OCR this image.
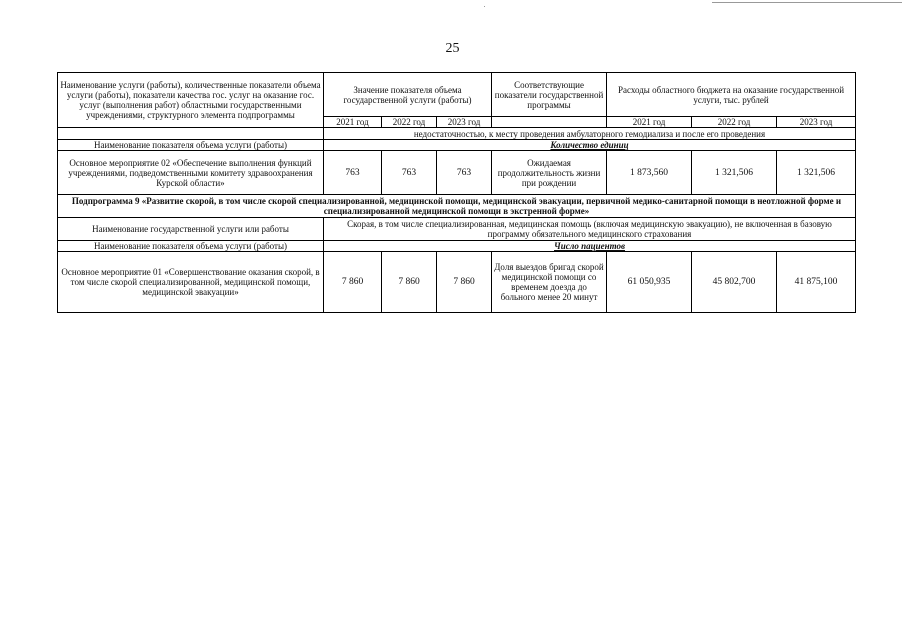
25
Наименование услуги (работы), количественные показатели объема услуги (работы), показатели качества гос. услуг на оказание гос. услуг (выполнения работ) областными государственными учреждениями, структурного элемента подпрограммы	Значение показателя объема государственной услуги (работы)			Соответствующие показатели государственной программы	Расходы областного бюджета на оказание государственной услуги, тыс. рублей		
	2021 год	2022 год	2023 год		2021 год	2022 год	2023 год
	недостаточностью, к месту проведения амбулаторного гемодиализа и после его проведения						
Наименование показателя объема услуги (работы)	Количество единиц						
Основное мероприятие 02 «Обеспечение выполнения функций учреждениями, подведомственными комитету здравоохранения Курской области»	763	763	763	Ожидаемая продолжительность жизни при рождении	1 873,560	1 321,506	1 321,506
Подпрограмма 9 «Развитие скорой, в том числе скорой специализированной, медицинской помощи, медицинской эвакуации, первичной медико-санитарной помощи в неотложной форме и специализированной медицинской помощи в экстренной форме»							
Наименование государственной услуги или работы	Скорая, в том числе специализированная, медицинская помощь (включая медицинскую эвакуацию), не включенная в базовую программу обязательного медицинского страхования						
Наименование показателя объема услуги (работы)	Число пациентов						
Основное мероприятие 01 «Совершенствование оказания скорой, в том числе скорой специализированной, медицинской помощи, медицинской эвакуации»	7 860	7 860	7 860	Доля выездов бригад скорой медицинской помощи со временем доезда до больного менее 20 минут	61 050,935	45 802,700	41 875,100
